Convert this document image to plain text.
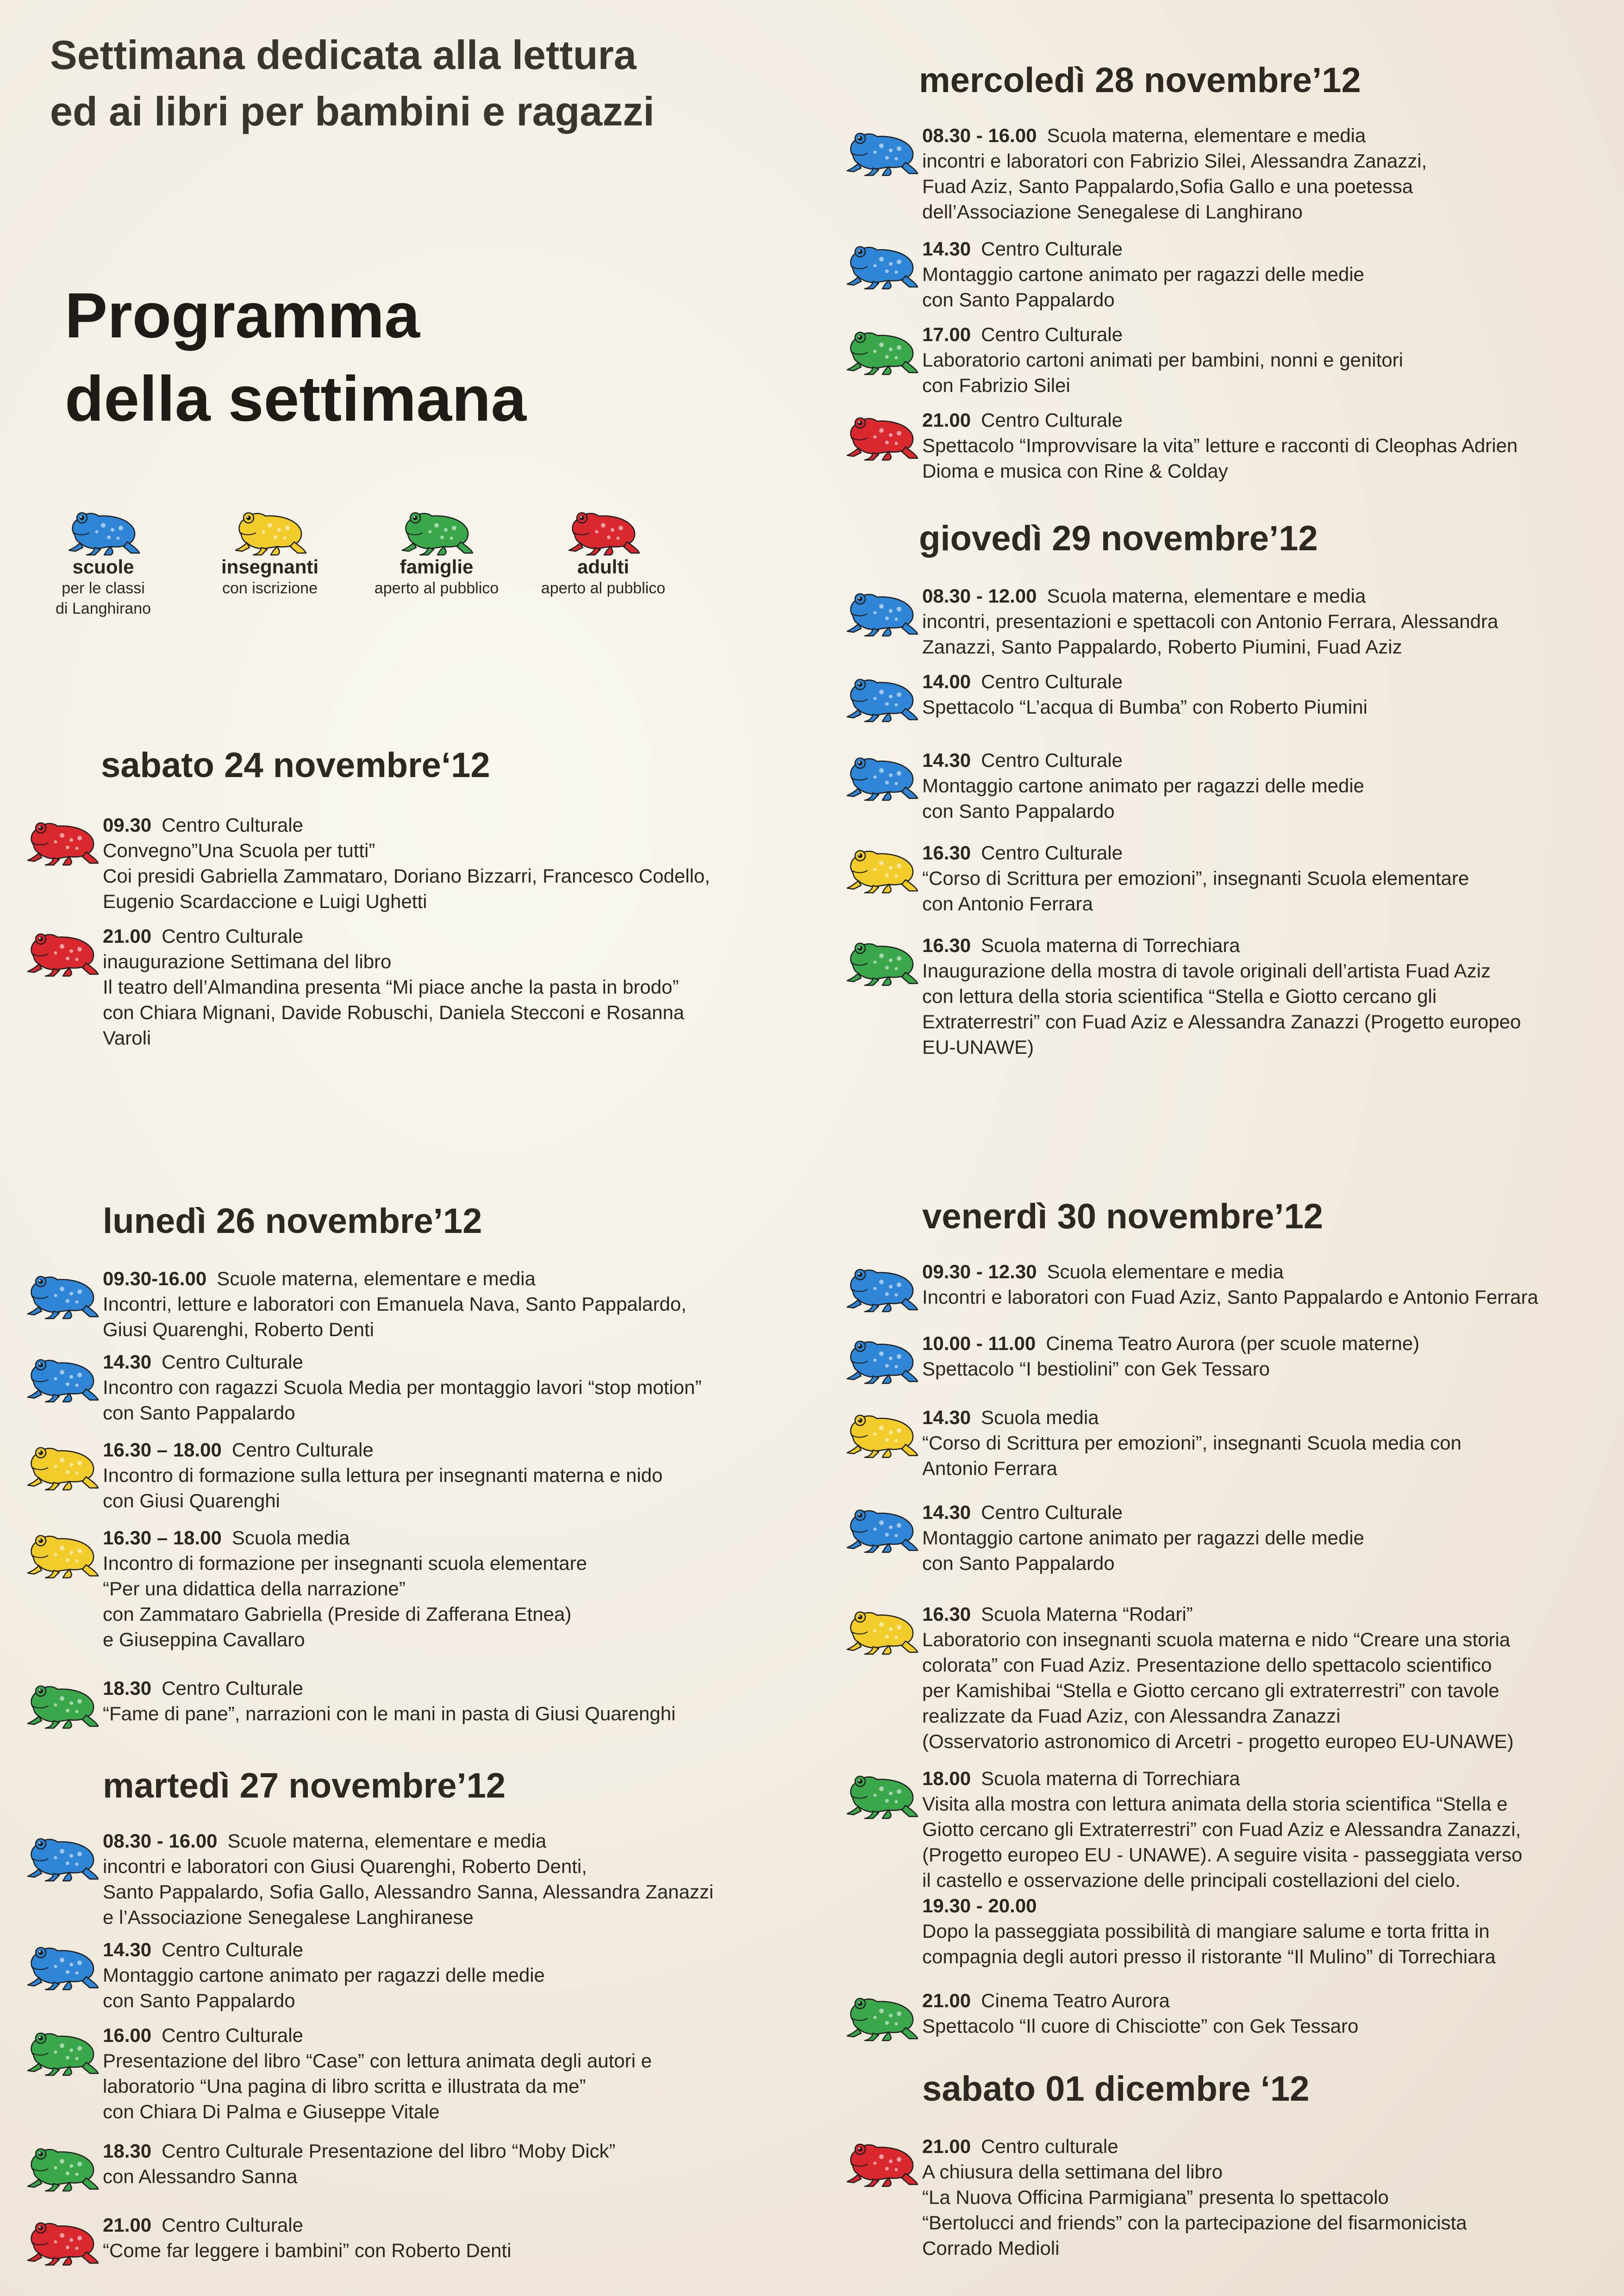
Settimana dedicata alla lettura
ed ai libri per bambini e ragazzi
Programma
della settimana
scuole
per le classi
di Langhirano
insegnanti
con iscrizione
famiglie
aperto al pubblico
adulti
aperto al pubblico
sabato 24 novembre‘12
09.30 Centro Culturale
Convegno”Una Scuola per tutti”
Coi presidi Gabriella Zammataro, Doriano Bizzarri, Francesco Codello,
Eugenio Scardaccione e Luigi Ughetti
21.00 Centro Culturale
inaugurazione Settimana del libro
Il teatro dell’Almandina presenta “Mi piace anche la pasta in brodo”
con Chiara Mignani, Davide Robuschi, Daniela Stecconi e Rosanna
Varoli
lunedì 26 novembre’12
09.30-16.00 Scuole materna, elementare e media
Incontri, letture e laboratori con Emanuela Nava, Santo Pappalardo,
Giusi Quarenghi, Roberto Denti
14.30 Centro Culturale
Incontro con ragazzi Scuola Media per montaggio lavori “stop motion”
con Santo Pappalardo
16.30 – 18.00 Centro Culturale
Incontro di formazione sulla lettura per insegnanti materna e nido
con Giusi Quarenghi
16.30 – 18.00 Scuola media
Incontro di formazione per insegnanti scuola elementare
“Per una didattica della narrazione”
con Zammataro Gabriella (Preside di Zafferana Etnea)
e Giuseppina Cavallaro
18.30 Centro Culturale
“Fame di pane”, narrazioni con le mani in pasta di Giusi Quarenghi
martedì 27 novembre’12
08.30 - 16.00 Scuole materna, elementare e media
incontri e laboratori con Giusi Quarenghi, Roberto Denti,
Santo Pappalardo, Sofia Gallo, Alessandro Sanna, Alessandra Zanazzi
e l’Associazione Senegalese Langhiranese
14.30 Centro Culturale
Montaggio cartone animato per ragazzi delle medie
con Santo Pappalardo
16.00 Centro Culturale
Presentazione del libro “Case” con lettura animata degli autori e
laboratorio “Una pagina di libro scritta e illustrata da me”
con Chiara Di Palma e Giuseppe Vitale
18.30 Centro Culturale Presentazione del libro “Moby Dick”
con Alessandro Sanna
21.00 Centro Culturale
“Come far leggere i bambini” con Roberto Denti
mercoledì 28 novembre’12
08.30 - 16.00 Scuola materna, elementare e media
incontri e laboratori con Fabrizio Silei, Alessandra Zanazzi,
Fuad Aziz, Santo Pappalardo,Sofia Gallo e una poetessa
dell’Associazione Senegalese di Langhirano
14.30 Centro Culturale
Montaggio cartone animato per ragazzi delle medie
con Santo Pappalardo
17.00 Centro Culturale
Laboratorio cartoni animati per bambini, nonni e genitori
con Fabrizio Silei
21.00 Centro Culturale
Spettacolo “Improvvisare la vita” letture e racconti di Cleophas Adrien
Dioma e musica con Rine & Colday
giovedì 29 novembre’12
08.30 - 12.00 Scuola materna, elementare e media
incontri, presentazioni e spettacoli con Antonio Ferrara, Alessandra
Zanazzi, Santo Pappalardo, Roberto Piumini, Fuad Aziz
14.00 Centro Culturale
Spettacolo “L’acqua di Bumba” con Roberto Piumini
14.30 Centro Culturale
Montaggio cartone animato per ragazzi delle medie
con Santo Pappalardo
16.30 Centro Culturale
“Corso di Scrittura per emozioni”, insegnanti Scuola elementare
con Antonio Ferrara
16.30 Scuola materna di Torrechiara
Inaugurazione della mostra di tavole originali dell’artista Fuad Aziz
con lettura della storia scientifica “Stella e Giotto cercano gli
Extraterrestri” con Fuad Aziz e Alessandra Zanazzi (Progetto europeo
EU-UNAWE)
venerdì 30 novembre’12
09.30 - 12.30 Scuola elementare e media
Incontri e laboratori con Fuad Aziz, Santo Pappalardo e Antonio Ferrara
10.00 - 11.00 Cinema Teatro Aurora (per scuole materne)
Spettacolo “I bestiolini” con Gek Tessaro
14.30 Scuola media
“Corso di Scrittura per emozioni”, insegnanti Scuola media con
Antonio Ferrara
14.30 Centro Culturale
Montaggio cartone animato per ragazzi delle medie
con Santo Pappalardo
16.30 Scuola Materna “Rodari”
Laboratorio con insegnanti scuola materna e nido “Creare una storia
colorata” con Fuad Aziz. Presentazione dello spettacolo scientifico
per Kamishibai “Stella e Giotto cercano gli extraterrestri” con tavole
realizzate da Fuad Aziz, con Alessandra Zanazzi
(Osservatorio astronomico di Arcetri - progetto europeo EU-UNAWE)
18.00 Scuola materna di Torrechiara
Visita alla mostra con lettura animata della storia scientifica “Stella e
Giotto cercano gli Extraterrestri” con Fuad Aziz e Alessandra Zanazzi,
(Progetto europeo EU - UNAWE). A seguire visita - passeggiata verso
il castello e osservazione delle principali costellazioni del cielo.
19.30 - 20.00
Dopo la passeggiata possibilità di mangiare salume e torta fritta in
compagnia degli autori presso il ristorante “Il Mulino” di Torrechiara
21.00 Cinema Teatro Aurora
Spettacolo “Il cuore di Chisciotte” con Gek Tessaro
sabato 01 dicembre ‘12
21.00 Centro culturale
A chiusura della settimana del libro
“La Nuova Officina Parmigiana” presenta lo spettacolo
“Bertolucci and friends” con la partecipazione del fisarmonicista
Corrado Medioli
